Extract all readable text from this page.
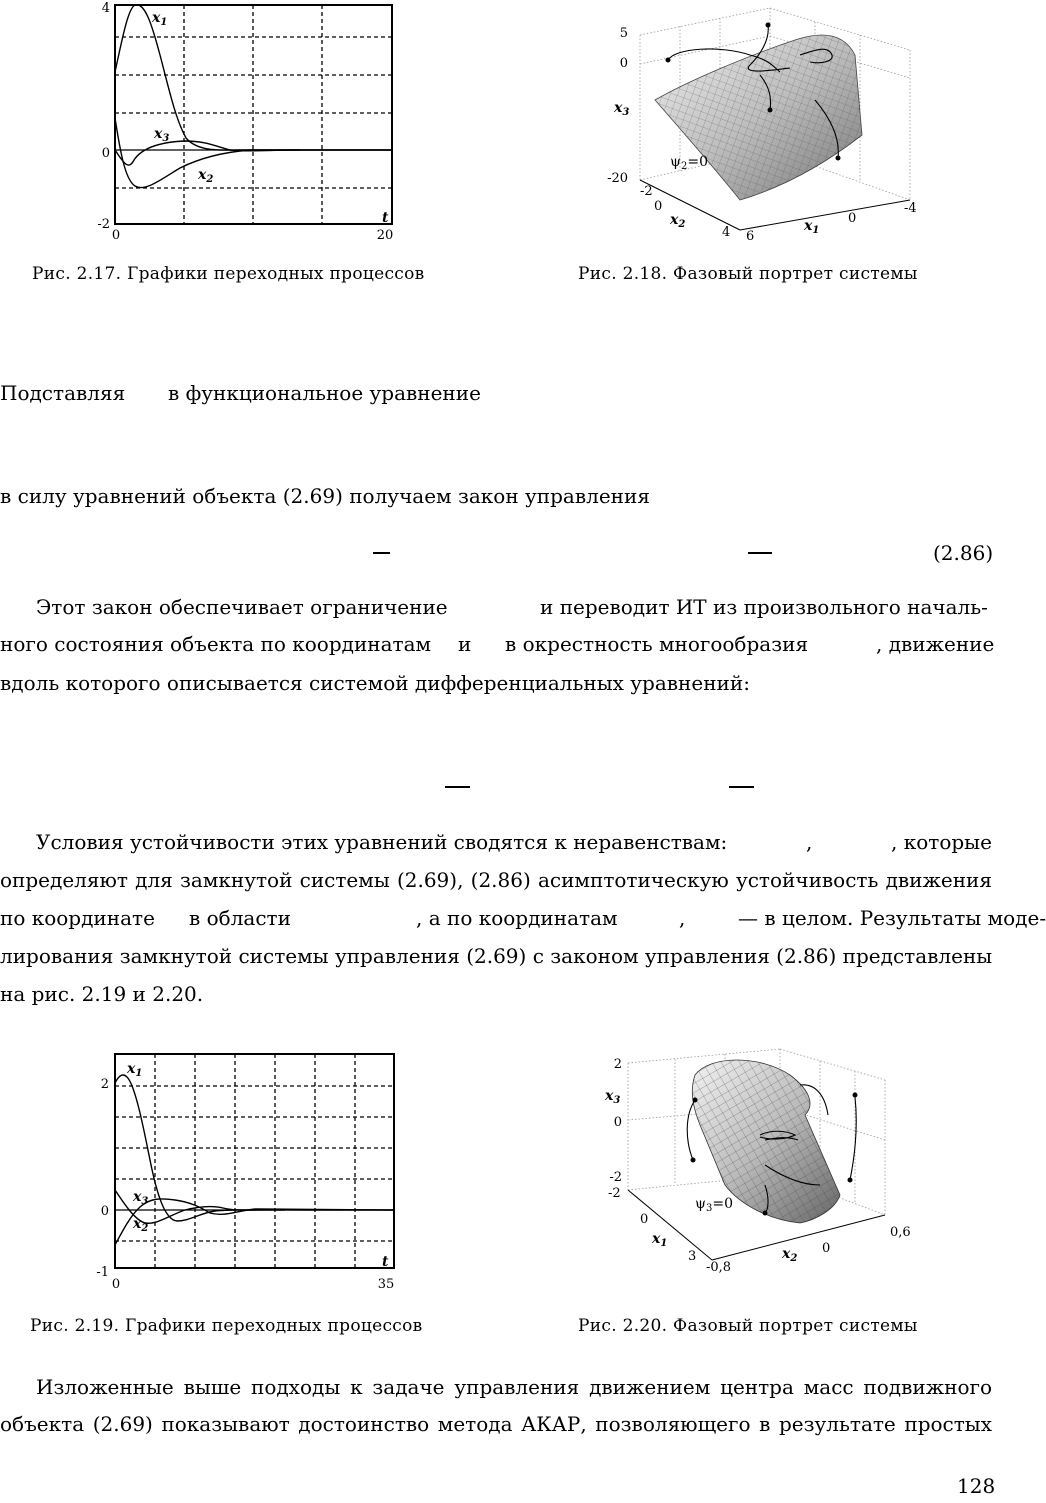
$x_1$
$x_3$
$x_2$
4
0
-2
0	20
t
Рис. 2.17. Графики переходных процессов
5
0
-20
$x_3$
-2
0
4
$x_2$
6
0
-4
$x_1$
$\psi_2=0$
Рис. 2.18. Фазовый портрет системы
Подставляя в функциональное уравнение
в силу уравнений объекта (2.69) получаем закон управления
(2.86)
Этот закон обеспечивает ограничение	и переводит ИТ из произвольного началь-
ного состояния объекта по координатам и в окрестность многообразия	, движение
вдоль которого описывается системой дифференциальных уравнений:
Условия устойчивости этих уравнений сводятся к неравенствам:	,	, которые
определяют для замкнутой системы (2.69), (2.86) асимптотическую устойчивость движения
по координате в области	, а по координатам	,	— в целом. Результаты моде-
лирования замкнутой системы управления (2.69) с законом управления (2.86) представлены
на рис. 2.19 и 2.20.
$x_1$
$x_3$
$x_2$
2
0
-1
0	35
t
Рис. 2.19. Графики переходных процессов
2
0
-2
$x_3$
-2
0
3
$x_1$
-0,8
0
0,6
$x_2$
$\psi_3=0$
Рис. 2.20. Фазовый портрет системы
Изложенные выше подходы к задаче управления движением центра масс подвижного
объекта (2.69) показывают достоинство метода АКАР, позволяющего в результате простых
128
